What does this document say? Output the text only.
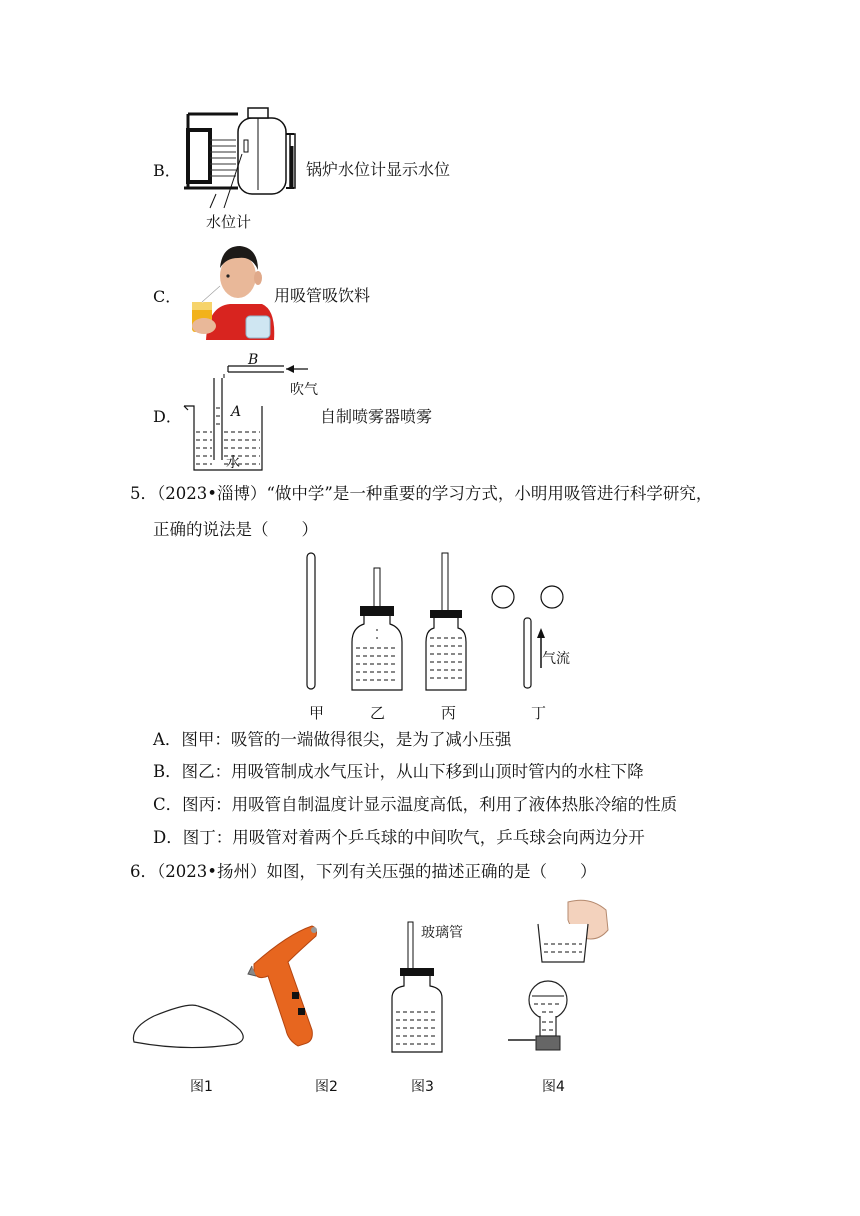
B．	锅炉水位计显示水位
水位计
C．	用吸管吸饮料
D．
B
A
吹气
水
自制喷雾器喷雾
5．（2023•淄博）“做中学”是一种重要的学习方式，小明用吸管进行科学研究，
正确的说法是（　　）
甲	乙	丙	丁
气流
A．图甲：吸管的一端做得很尖，是为了减小压强
B．图乙：用吸管制成水气压计，从山下移到山顶时管内的水柱下降
C．图丙：用吸管自制温度计显示温度高低，利用了液体热胀冷缩的性质
D．图丁：用吸管对着两个乒乓球的中间吹气，乒乓球会向两边分开
6．（2023•扬州）如图，下列有关压强的描述正确的是（　　）
玻璃管
图1	图2	图3	图4
